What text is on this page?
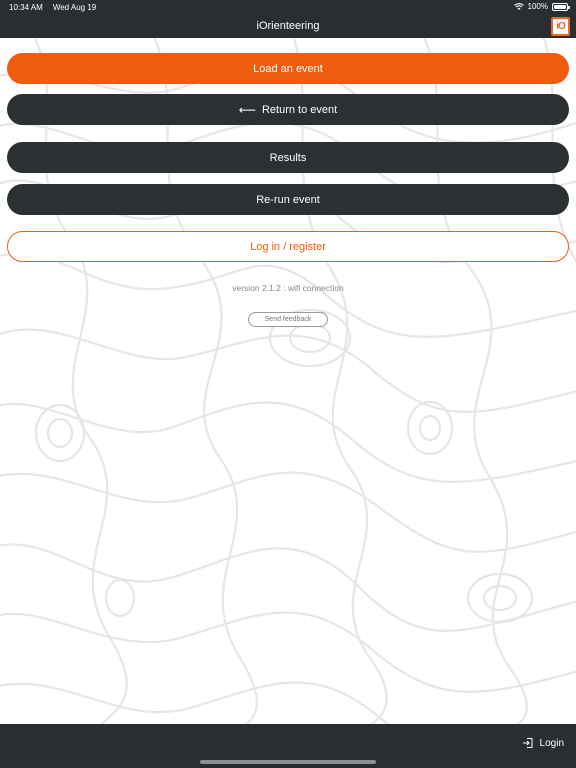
10:34 AM Wed Aug 19	100%
iOrienteering	iO
Load an event
⟵ Return to event
Results
Re-run event
Log in / register
version 2.1.2 : wifi connection
Send feedback
Login
